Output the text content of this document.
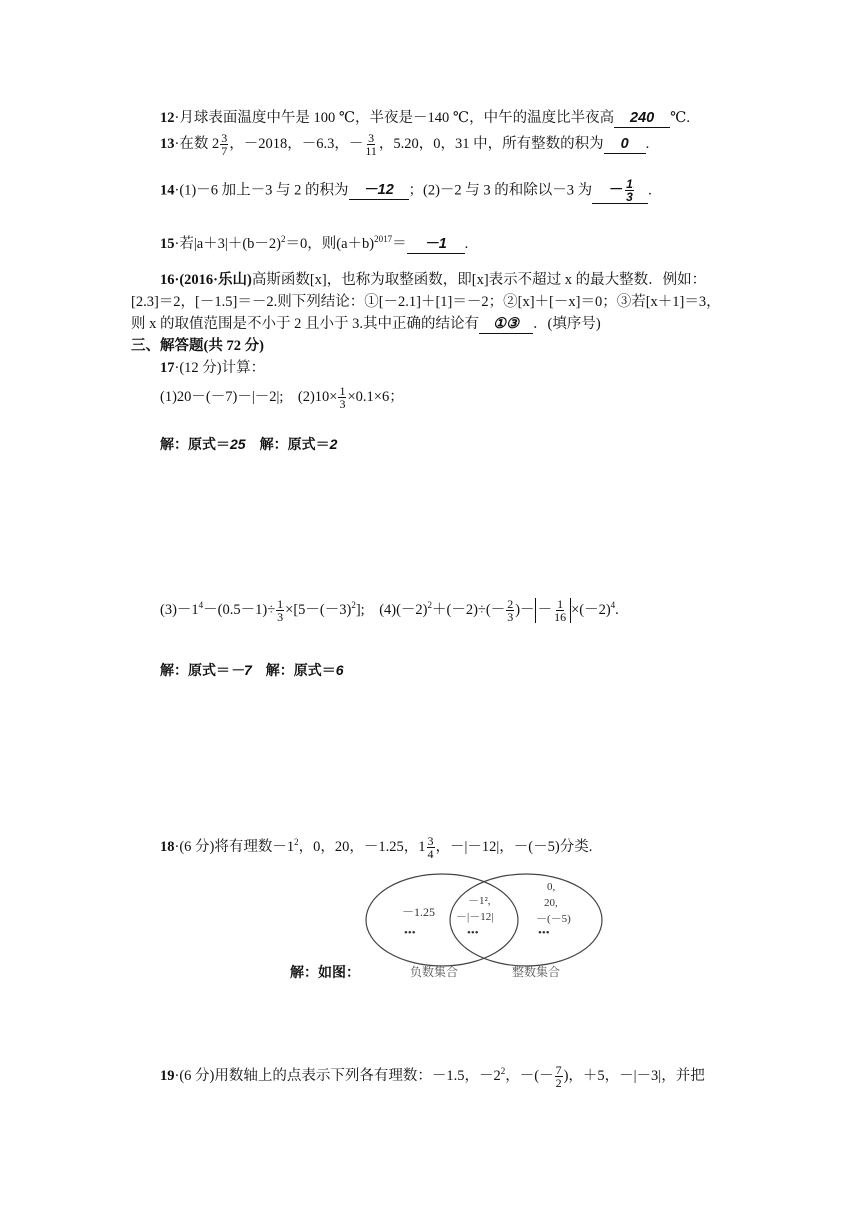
12·月球表面温度中午是 100 ℃，半夜是－140 ℃，中午的温度比半夜高 240 ℃.
13·在数 $2 \frac{3}{7}$ ，－2018，－6.3，－ $\frac{3}{11}$ ，5.20，0，31 中，所有整数的积为 0 .
14·(1)－6 加上－3 与 2 的积为 －12 ；(2)－2 与 3 的和除以－3 为 － $\frac{1}{3}$ .
15·若$|a+3|+(b-2)^2=0$，则$(a+b)^{2017}= -1$ .
16·(2016·乐山)高斯函数[x]，也称为取整函数，即[x]表示不超过 x 的最大整数．例如：
[2.3]＝2，[－1.5]＝－2.则下列结论：①[－2.1]＋[1]＝－2；②[x]＋[－x]＝0；③若[x＋1]＝3，
则 x 的取值范围是不小于 2 且小于 3.其中正确的结论有 ①③ ．(填序号)
三、解答题(共 72 分)
17·(12 分)计算：
(1)20－(－7)－|－2|;　$(2)10\times \frac{1}{3} \times 0.1\times 6$；
解：原式＝25　 解：原式＝2
$(3)-1^4-(0.5-1)\div \frac{1}{3} \times[5-(-3)^2]$;　$(4)(-2)^2+(-2)\div(- \frac{2}{3}$ )－ － $\frac{1}{16} \times(-2)^4$.
解：原式＝－7　 解：原式＝6
18·(6 分)将有理数$-1^2$，0，20，－1.25，$1 \frac{3}{4}$ ，－|－12|，－(－5)分类.
－1.25
•••
－1²,
－|－12|
•••
0,
20,
－(－5)
•••
负数集合	整数集合
解：如图：
19·(6 分)用数轴上的点表示下列各有理数：－1.5，$-2^2$，－(－ $\frac{7}{2}$ )，＋5，－|－3|，并把
